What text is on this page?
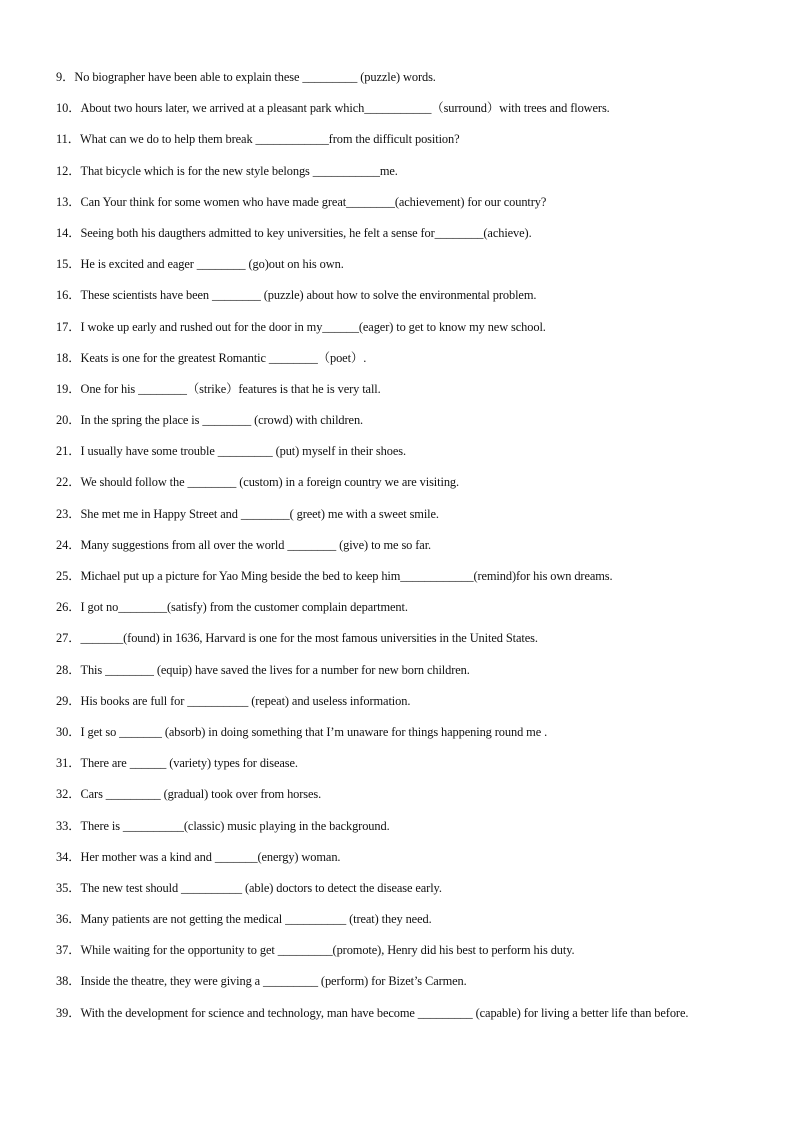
9．No biographer have been able to explain these _________ (puzzle) words.
10．About two hours later, we arrived at a pleasant park which___________（surround）with trees and flowers.
11．What can we do to help them break ____________from the difficult position?
12．That bicycle which is for the new style belongs ___________me.
13．Can Your think for some women who have made great________(achievement) for our country?
14．Seeing both his daugthers admitted to key universities, he felt a sense for________(achieve).
15．He is excited and eager ________ (go)out on his own.
16．These scientists have been ________ (puzzle) about how to solve the environmental problem.
17．I woke up early and rushed out for the door in my______(eager) to get to know my new school.
18．Keats is one for the greatest Romantic ________（poet）.
19．One for his ________（strike）features is that he is very tall.
20．In the spring the place is ________ (crowd) with children.
21．I usually have some trouble _________ (put) myself in their shoes.
22．We should follow the ________ (custom) in a foreign country we are visiting.
23．She met me in Happy Street and ________( greet) me with a sweet smile.
24．Many suggestions from all over the world ________ (give) to me so far.
25．Michael put up a picture for Yao Ming beside the bed to keep him____________(remind)for his own dreams.
26．I got no________(satisfy) from the customer complain department.
27．_______(found) in 1636, Harvard is one for the most famous universities in the United States.
28．This ________ (equip) have saved the lives for a number for new born children.
29．His books are full for __________ (repeat) and useless information.
30．I get so _______ (absorb) in doing something that I’m unaware for things happening round me .
31．There are ______ (variety) types for disease.
32．Cars _________ (gradual) took over from horses.
33．There is __________(classic) music playing in the background.
34．Her mother was a kind and _______(energy) woman.
35．The new test should __________ (able) doctors to detect the disease early.
36．Many patients are not getting the medical __________ (treat) they need.
37．While waiting for the opportunity to get _________(promote), Henry did his best to perform his duty.
38．Inside the theatre, they were giving a _________ (perform) for Bizet’s Carmen.
39．With the development for science and technology, man have become _________ (capable) for living a better life than before.
